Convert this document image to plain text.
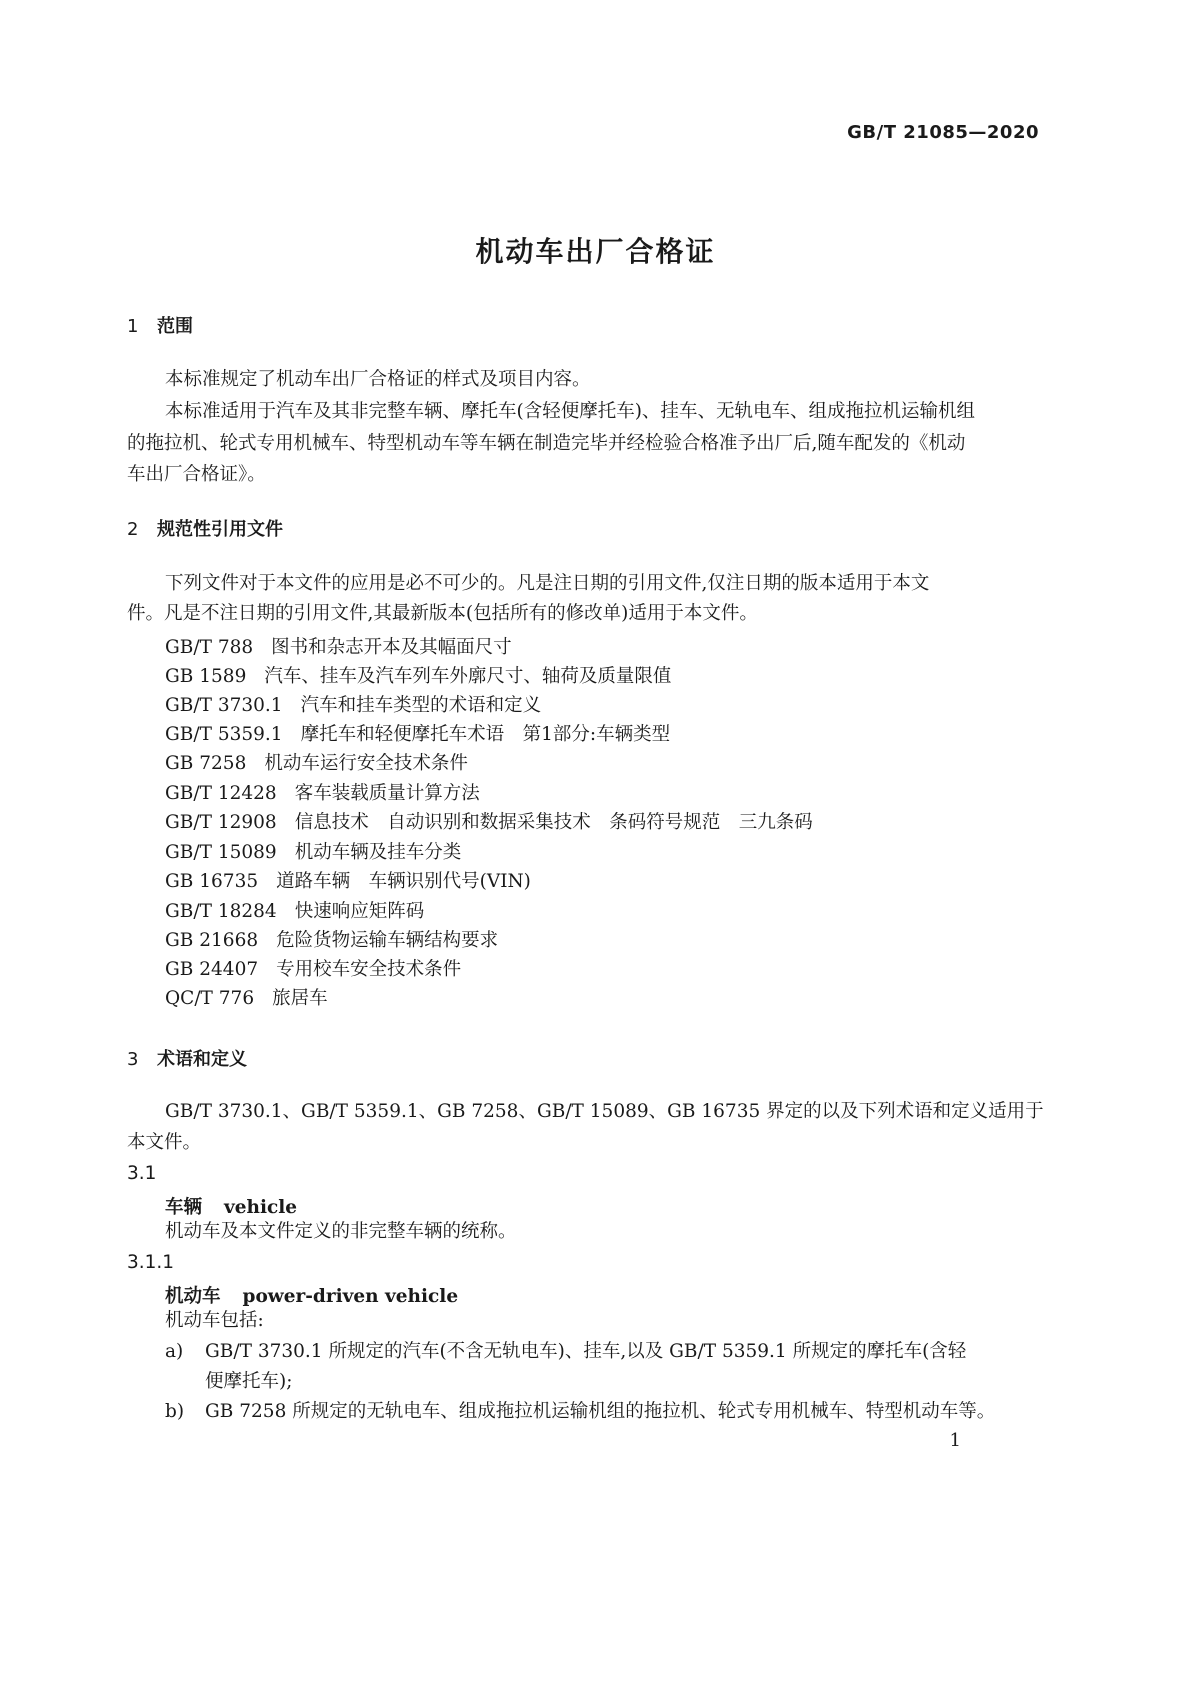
GB/T 21085—2020
机动车出厂合格证
1 范围
本标准规定了机动车出厂合格证的样式及项目内容。
本标准适用于汽车及其非完整车辆、摩托车(含轻便摩托车)、挂车、无轨电车、组成拖拉机运输机组
的拖拉机、轮式专用机械车、特型机动车等车辆在制造完毕并经检验合格准予出厂后,随车配发的《机动
车出厂合格证》。
2 规范性引用文件
下列文件对于本文件的应用是必不可少的。凡是注日期的引用文件,仅注日期的版本适用于本文
件。凡是不注日期的引用文件,其最新版本(包括所有的修改单)适用于本文件。
GB/T 788 图书和杂志开本及其幅面尺寸
GB 1589 汽车、挂车及汽车列车外廓尺寸、轴荷及质量限值
GB/T 3730.1 汽车和挂车类型的术语和定义
GB/T 5359.1 摩托车和轻便摩托车术语　第1部分:车辆类型
GB 7258 机动车运行安全技术条件
GB/T 12428 客车装载质量计算方法
GB/T 12908 信息技术　自动识别和数据采集技术　条码符号规范　三九条码
GB/T 15089 机动车辆及挂车分类
GB 16735 道路车辆　车辆识别代号(VIN)
GB/T 18284 快速响应矩阵码
GB 21668 危险货物运输车辆结构要求
GB 24407 专用校车安全技术条件
QC/T 776 旅居车
3 术语和定义
GB/T 3730.1、GB/T 5359.1、GB 7258、GB/T 15089、GB 16735 界定的以及下列术语和定义适用于
本文件。
3.1
车辆 vehicle
机动车及本文件定义的非完整车辆的统称。
3.1.1
机动车 power-driven vehicle
机动车包括:
a) GB/T 3730.1 所规定的汽车(不含无轨电车)、挂车,以及 GB/T 5359.1 所规定的摩托车(含轻
便摩托车);
b) GB 7258 所规定的无轨电车、组成拖拉机运输机组的拖拉机、轮式专用机械车、特型机动车等。
1
